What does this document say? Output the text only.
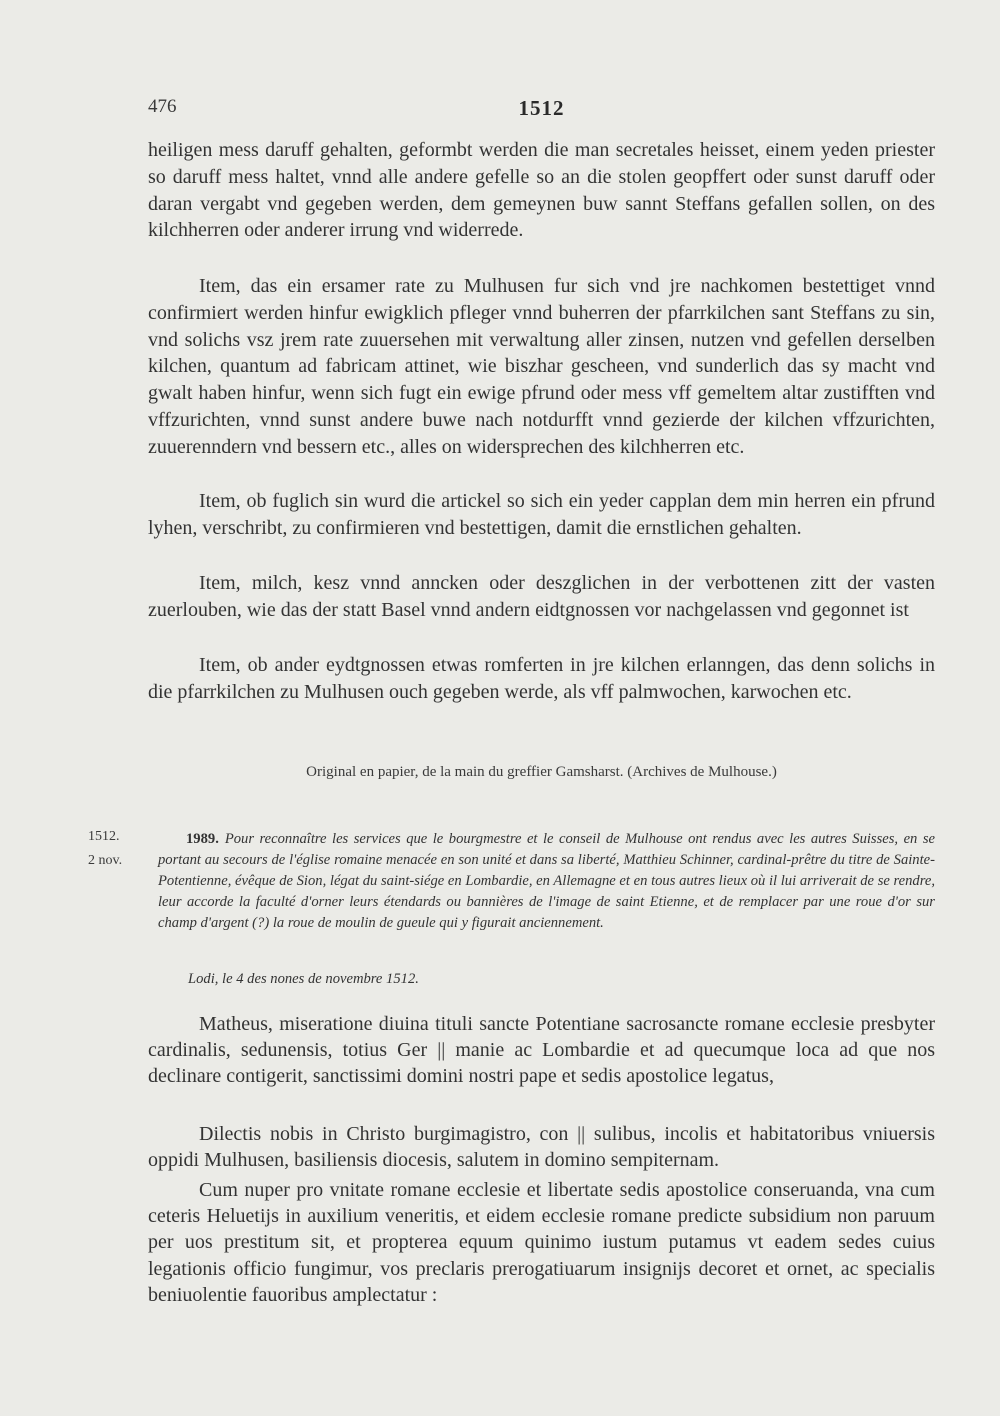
476	1512

heiligen mess daruff gehalten, geformbt werden die man secretales heisset, einem yeden priester so daruff mess haltet, vnnd alle andere gefelle so an die stolen geopffert oder sunst daruff oder daran vergabt vnd gegeben werden, dem gemeynen buw sannt Steffans gefallen sollen, on des kilchherren oder anderer irrung vnd widerrede.

Item, das ein ersamer rate zu Mulhusen fur sich vnd jre nachkomen bestettiget vnnd confirmiert werden hinfur ewigklich pfleger vnnd buherren der pfarrkilchen sant Steffans zu sin, vnd solichs vsz jrem rate zuuersehen mit verwaltung aller zinsen, nutzen vnd gefellen derselben kilchen, quantum ad fabricam attinet, wie biszhar gescheen, vnd sunderlich das sy macht vnd gwalt haben hinfur, wenn sich fugt ein ewige pfrund oder mess vff gemeltem altar zustifften vnd vffzurichten, vnnd sunst andere buwe nach notdurfft vnnd gezierde der kilchen vffzurichten, zuuerenndern vnd bessern etc., alles on widersprechen des kilchherren etc.

Item, ob fuglich sin wurd die artickel so sich ein yeder capplan dem min herren ein pfrund lyhen, verschribt, zu confirmieren vnd bestettigen, damit die ernstlichen gehalten.

Item, milch, kesz vnnd anncken oder deszglichen in der verbottenen zitt der vasten zuerlouben, wie das der statt Basel vnnd andern eidtgnossen vor nachgelassen vnd gegonnet ist

Item, ob ander eydtgnossen etwas romferten in jre kilchen erlanngen, das denn solichs in die pfarrkilchen zu Mulhusen ouch gegeben werde, als vff palmwochen, karwochen etc.

Original en papier, de la main du greffier Gamsharst. (Archives de Mulhouse.)
1512.
2 nov.
1989. Pour reconnaître les services que le bourgmestre et le conseil de Mulhouse ont rendus avec les autres Suisses, en se portant au secours de l'église romaine menacée en son unité et dans sa liberté, Matthieu Schinner, cardinal-prêtre du titre de Sainte-Potentienne, évêque de Sion, légat du saint-siége en Lombardie, en Allemagne et en tous autres lieux où il lui arriverait de se rendre, leur accorde la faculté d'orner leurs étendards ou bannières de l'image de saint Etienne, et de remplacer par une roue d'or sur champ d'argent (?) la roue de moulin de gueule qui y figurait anciennement.
Lodi, le 4 des nones de novembre 1512.

Matheus, miseratione diuina tituli sancte Potentiane sacrosancte romane ecclesie presbyter cardinalis, sedunensis, totius Ger || manie ac Lombardie et ad quecumque loca ad que nos declinare contigerit, sanctissimi domini nostri pape et sedis apostolice legatus,

Dilectis nobis in Christo burgimagistro, con || sulibus, incolis et habitatoribus vniuersis oppidi Mulhusen, basiliensis diocesis, salutem in domino sempiternam.

Cum nuper pro vnitate romane ecclesie et libertate sedis apostolice conseruanda, vna cum ceteris Heluetijs in auxilium veneritis, et eidem ecclesie romane predicte subsidium non paruum per uos prestitum sit, et propterea equum quinimo iustum putamus vt eadem sedes cuius legationis officio fungimur, vos preclaris prerogatiuarum insignijs decoret et ornet, ac specialis beniuolentie fauoribus amplectatur :
